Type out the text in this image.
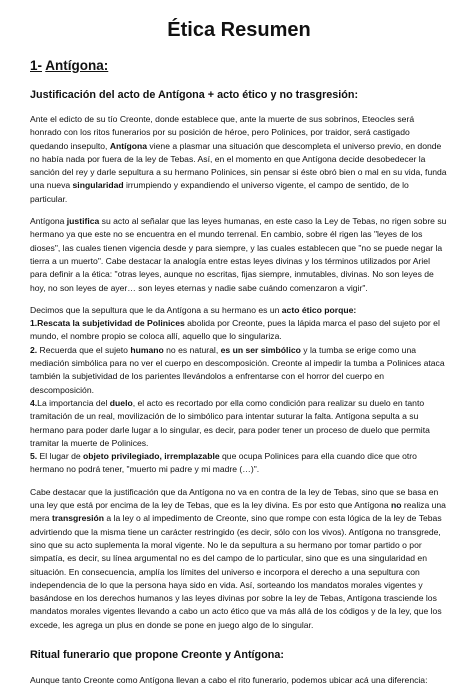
Ética Resumen
1- Antígona:
Justificación del acto de Antígona + acto ético y no trasgresión:

Ante el edicto de su tío Creonte, donde establece que, ante la muerte de sus sobrinos, Eteocles será honrado con los ritos funerarios por su posición de héroe, pero Polinices, por traidor, será castigado quedando insepulto, Antígona viene a plasmar una situación que descompleta el universo previo, en donde no había nada por fuera de la ley de Tebas. Así, en el momento en que Antígona decide desobedecer la sanción del rey y darle sepultura a su hermano Polinices, sin pensar si éste obró bien o mal en su vida, funda una nueva singularidad irrumpiendo y expandiendo el universo vigente, el campo de sentido, de lo particular.

Antígona justifica su acto al señalar que las leyes humanas, en este caso la Ley de Tebas, no rigen sobre su hermano ya que este no se encuentra en el mundo terrenal. En cambio, sobre él rigen las "leyes de los dioses", las cuales tienen vigencia desde y para siempre, y las cuales establecen que "no se puede negar la tierra a un muerto". Cabe destacar la analogía entre estas leyes divinas y los términos utilizados por Ariel para definir a la ética: "otras leyes, aunque no escritas, fijas siempre, inmutables, divinas. No son leyes de hoy, no son leyes de ayer… son leyes eternas y nadie sabe cuándo comenzaron a vigir".

Decimos que la sepultura que le da Antígona a su hermano es un acto ético porque:
1.Rescata la subjetividad de Polinices abolida por Creonte, pues la lápida marca el paso del sujeto por el mundo, el nombre propio se coloca allí, aquello que lo singulariza.
2. Recuerda que el sujeto humano no es natural, es un ser simbólico y la tumba se erige como una mediación simbólica para no ver el cuerpo en descomposición. Creonte al impedir la tumba a Polinices ataca también la subjetividad de los parientes llevándolos a enfrentarse con el horror del cuerpo en descomposición.
4.La importancia del duelo, el acto es recortado por ella como condición para realizar su duelo en tanto tramitación de un real, movilización de lo simbólico para intentar suturar la falta. Antígona sepulta a su hermano para poder darle lugar a lo singular, es decir, para poder tener un proceso de duelo que permita tramitar la muerte de Polinices.
5. El lugar de objeto privilegiado, irremplazable que ocupa Polinices para ella cuando dice que otro hermano no podrá tener, "muerto mi padre y mi madre (…)".

Cabe destacar que la justificación que da Antígona no va en contra de la ley de Tebas, sino que se basa en una ley que está por encima de la ley de Tebas, que es la ley divina. Es por esto que Antígona no realiza una mera transgresión a la ley o al impedimento de Creonte, sino que rompe con esta lógica de la ley de Tebas advirtiendo que la misma tiene un carácter restringido (es decir, sólo con los vivos). Antígona no transgrede, sino que su acto suplementa la moral vigente. No le da sepultura a su hermano por tomar partido o por simpatía, es decir, su línea argumental no es del campo de lo particular, sino que es una singularidad en situación. En consecuencia, amplía los límites del universo e incorpora el derecho a una sepultura con independencia de lo que la persona haya sido en vida. Así, sorteando los mandatos morales vigentes y basándose en los derechos humanos y las leyes divinas por sobre la ley de Tebas, Antígona trasciende los mandatos morales vigentes llevando a cabo un acto ético que va más allá de los códigos y de la ley, que los excede, les agrega un plus en donde se pone en juego algo de lo singular.

Ritual funerario que propone Creonte y Antígona:

Aunque tanto Creonte como Antígona llevan a cabo el rito funerario, podemos ubicar acá una diferencia:
